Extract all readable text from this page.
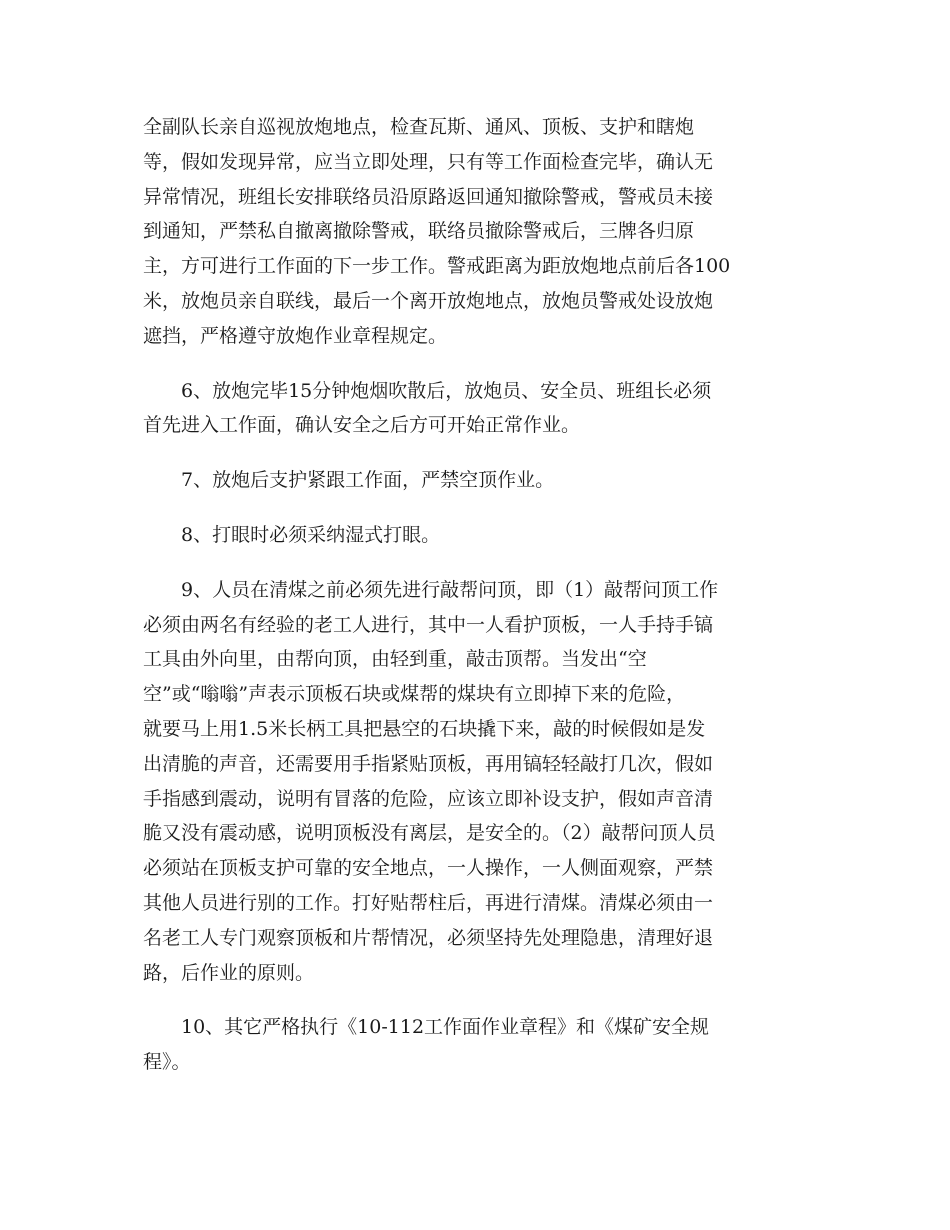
全副队长亲自巡视放炮地点，检查瓦斯、通风、顶板、支护和瞎炮
等，假如发现异常，应当立即处理，只有等工作面检查完毕，确认无
异常情况，班组长安排联络员沿原路返回通知撤除警戒，警戒员未接
到通知，严禁私自撤离撤除警戒，联络员撤除警戒后，三牌各归原
主，方可进行工作面的下一步工作。警戒距离为距放炮地点前后各100
米，放炮员亲自联线，最后一个离开放炮地点，放炮员警戒处设放炮
遮挡，严格遵守放炮作业章程规定。

6、放炮完毕15分钟炮烟吹散后，放炮员、安全员、班组长必须
首先进入工作面，确认安全之后方可开始正常作业。

7、放炮后支护紧跟工作面，严禁空顶作业。

8、打眼时必须采纳湿式打眼。

9、人员在清煤之前必须先进行敲帮问顶，即（1）敲帮问顶工作
必须由两名有经验的老工人进行，其中一人看护顶板，一人手持手镐
工具由外向里，由帮向顶，由轻到重，敲击顶帮。当发出“空
空”或“嗡嗡”声表示顶板石块或煤帮的煤块有立即掉下来的危险，
就要马上用1.5米长柄工具把悬空的石块撬下来，敲的时候假如是发
出清脆的声音，还需要用手指紧贴顶板，再用镐轻轻敲打几次，假如
手指感到震动，说明有冒落的危险，应该立即补设支护，假如声音清
脆又没有震动感，说明顶板没有离层，是安全的。（2）敲帮问顶人员
必须站在顶板支护可靠的安全地点，一人操作，一人侧面观察，严禁
其他人员进行别的工作。打好贴帮柱后，再进行清煤。清煤必须由一
名老工人专门观察顶板和片帮情况，必须坚持先处理隐患，清理好退
路，后作业的原则。

10、其它严格执行《10-112工作面作业章程》和《煤矿安全规
程》。
